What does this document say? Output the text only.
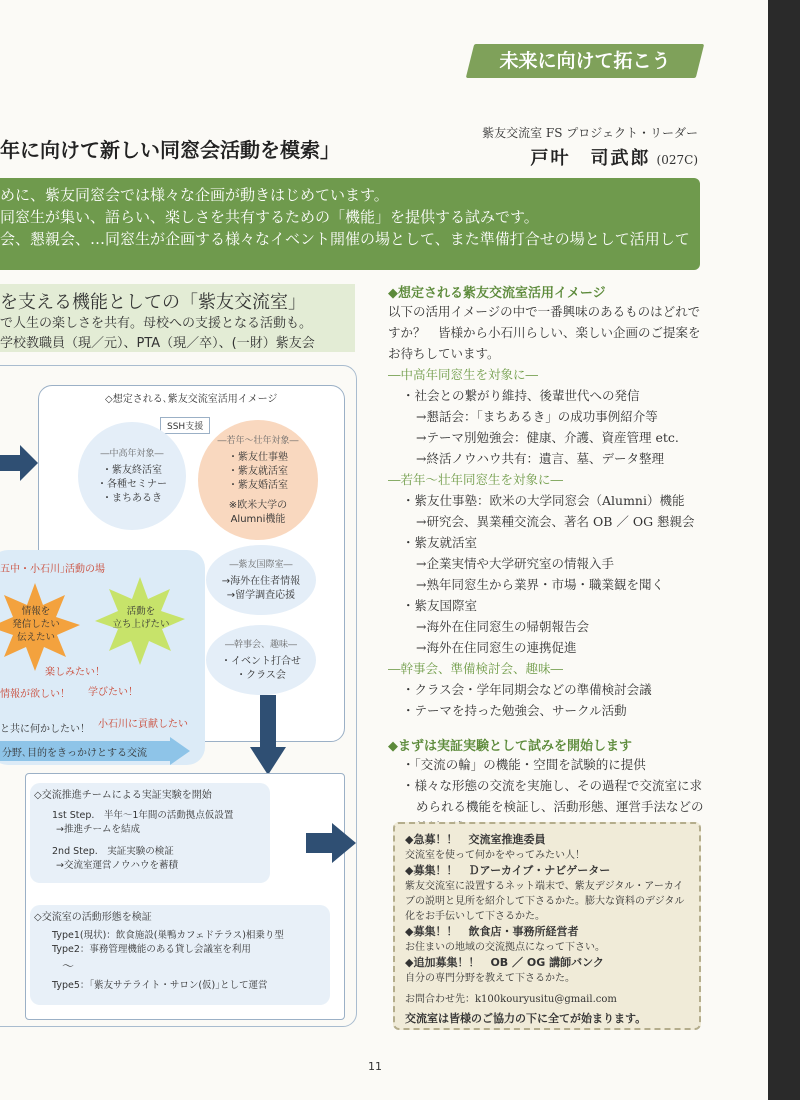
未来に向けて拓こう
年に向けて新しい同窓会活動を模索」
紫友交流室 FS プロジェクト・リーダー
戸叶　司武郎 (027C)
めに、紫友同窓会では様々な企画が動きはじめています。
同窓生が集い、語らい、楽しさを共有するための「機能」を提供する試みです。
会、懇親会、…同窓生が企画する様々なイベント開催の場として、また準備打合せの場として活用して
を支える機能としての「紫友交流室」
で人生の楽しさを共有。母校への支援となる活動も。
学校教職員（現／元）、PTA（現／卒）、(一財）紫友会
◇想定される､紫友交流室活用イメージ
SSH支援
―中高年対象―
・紫友終活室
・各種セミナー
・まちあるき
―若年～壮年対象―
・紫友仕事塾
・紫友就活室
・紫友婚活室
※欧米大学の
Alumni機能
五中・小石川｣活動の場
情報を
発信したい
伝えたい
活動を
立ち上げたい
楽しみたい！
情報が欲しい！ 学びたい！
小石川に貢献したい
と共に何かしたい！
分野､目的をきっかけとする交流
―紫友国際室―
→海外在住者情報
→留学調査応援
―幹事会、趣味―
・イベント打合せ
・クラス会
◇交流推進チームによる実証実験を開始
1st Step.　半年～1年間の活動拠点仮設置
→推進チームを結成
2nd Step.　実証実験の検証
→交流室運営ノウハウを蓄積
◇交流室の活動形態を検証
Type1(現状)：飲食施設(巣鴨カフェドテラス)相乗り型
Type2：事務管理機能のある貸し会議室を利用
〜
Type5：｢紫友サテライト・サロン(仮)｣として運営
◆想定される紫友交流室活用イメージ
以下の活用イメージの中で一番興味のあるものはどれですか？　皆様から小石川らしい、楽しい企画のご提案をお待ちしています。
―中高年同窓生を対象に―
・社会との繋がり維持、後輩世代への発信
→懇話会：「まちあるき」の成功事例紹介等
→テーマ別勉強会：健康、介護、資産管理 etc.
→終活ノウハウ共有：遺言、墓、データ整理
―若年～壮年同窓生を対象に―
・紫友仕事塾：欧米の大学同窓会（Alumni）機能
→研究会、異業種交流会、著名 OB ／ OG 懇親会
・紫友就活室
→企業実情や大学研究室の情報入手
→熟年同窓生から業界・市場・職業観を聞く
・紫友国際室
→海外在住同窓生の帰朝報告会
→海外在住同窓生の連携促進
―幹事会、準備検討会、趣味―
・クラス会・学年同期会などの準備検討会議
・テーマを持った勉強会、サークル活動
◆まずは実証実験として試みを開始します
・「交流の輪」の機能・空間を試験的に提供
・様々な形態の交流を実施し、その過程で交流室に求められる機能を検証し、活動形態、運営手法などの
◆急募！！　交流室推進委員
交流室を使って何かをやってみたい人！
◆募集！！　Ｄアーカイブ・ナビゲーター
紫友交流室に設置するネット端末で、紫友デジタル・アーカイブの説明と見所を紹介して下さるかた。膨大な資料のデジタル化をお手伝いして下さるかた。
◆募集！！　飲食店・事務所経営者
お住まいの地域の交流拠点になって下さい。
◆追加募集！！　OB ／ OG 講師バンク
自分の専門分野を教えて下さるかた。
お問合わせ先：k100kouryusitu@gmail.com
交流室は皆様のご協力の下に全てが始まります。
11
